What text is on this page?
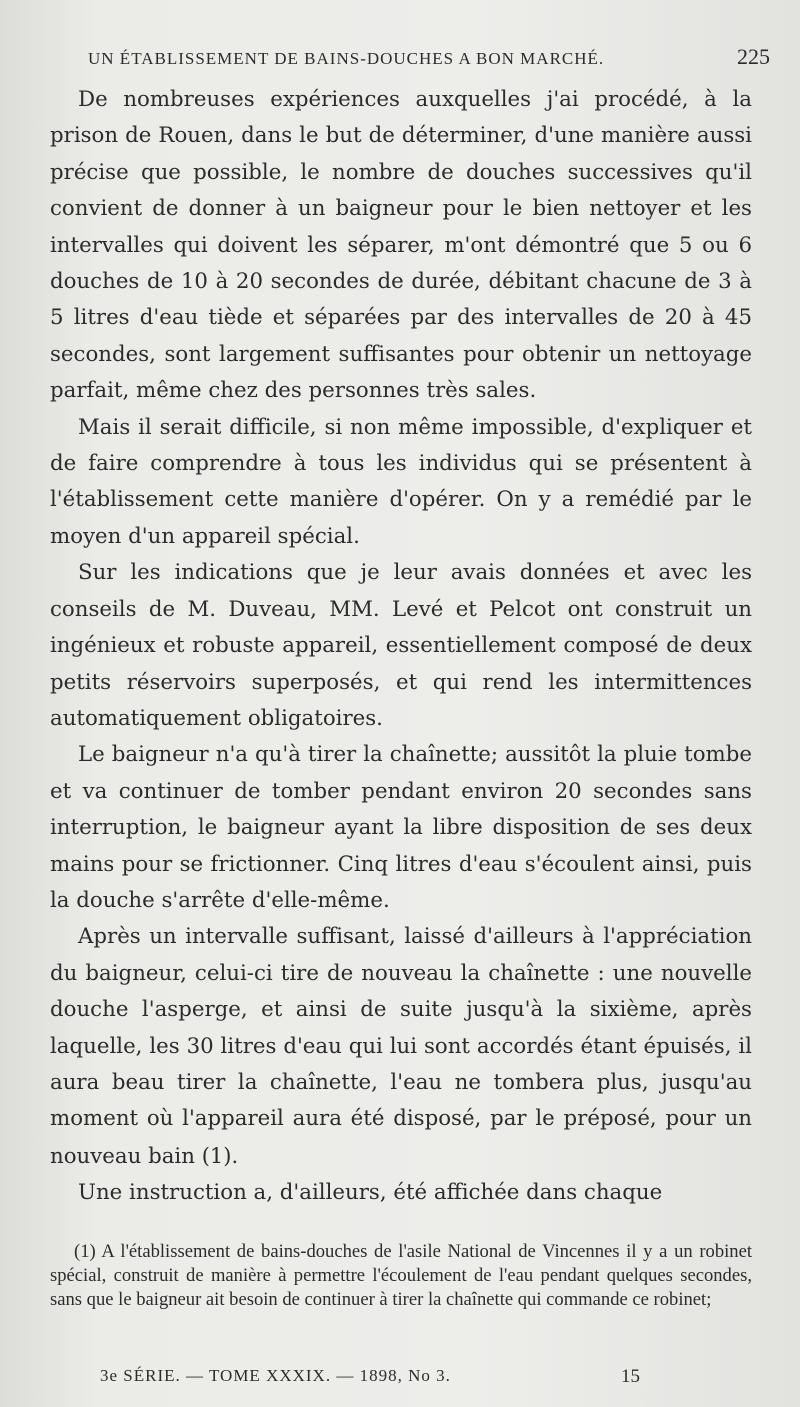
UN ÉTABLISSEMENT DE BAINS-DOUCHES A BON MARCHÉ.	225

De nombreuses expériences auxquelles j'ai procédé, à la prison de Rouen, dans le but de déterminer, d'une manière aussi précise que possible, le nombre de douches successives qu'il convient de donner à un baigneur pour le bien nettoyer et les intervalles qui doivent les séparer, m'ont démontré que 5 ou 6 douches de 10 à 20 secondes de durée, débitant chacune de 3 à 5 litres d'eau tiède et séparées par des intervalles de 20 à 45 secondes, sont largement suffisantes pour obtenir un nettoyage parfait, même chez des personnes très sales.

Mais il serait difficile, si non même impossible, d'expliquer et de faire comprendre à tous les individus qui se présentent à l'établissement cette manière d'opérer. On y a remédié par le moyen d'un appareil spécial.

Sur les indications que je leur avais données et avec les conseils de M. Duveau, MM. Levé et Pelcot ont construit un ingénieux et robuste appareil, essentiellement composé de deux petits réservoirs superposés, et qui rend les intermittences automatiquement obligatoires.

Le baigneur n'a qu'à tirer la chaînette; aussitôt la pluie tombe et va continuer de tomber pendant environ 20 secondes sans interruption, le baigneur ayant la libre disposition de ses deux mains pour se frictionner. Cinq litres d'eau s'écoulent ainsi, puis la douche s'arrête d'elle-même.

Après un intervalle suffisant, laissé d'ailleurs à l'appréciation du baigneur, celui-ci tire de nouveau la chaînette : une nouvelle douche l'asperge, et ainsi de suite jusqu'à la sixième, après laquelle, les 30 litres d'eau qui lui sont accordés étant épuisés, il aura beau tirer la chaînette, l'eau ne tombera plus, jusqu'au moment où l'appareil aura été disposé, par le préposé, pour un nouveau bain (1).

Une instruction a, d'ailleurs, été affichée dans chaque

(1) A l'établissement de bains-douches de l'asile National de Vincennes il y a un robinet spécial, construit de manière à permettre l'écoulement de l'eau pendant quelques secondes, sans que le baigneur ait besoin de continuer à tirer la chaînette qui commande ce robinet;

3e SÉRIE. — TOME XXXIX. — 1898, No 3.	15
